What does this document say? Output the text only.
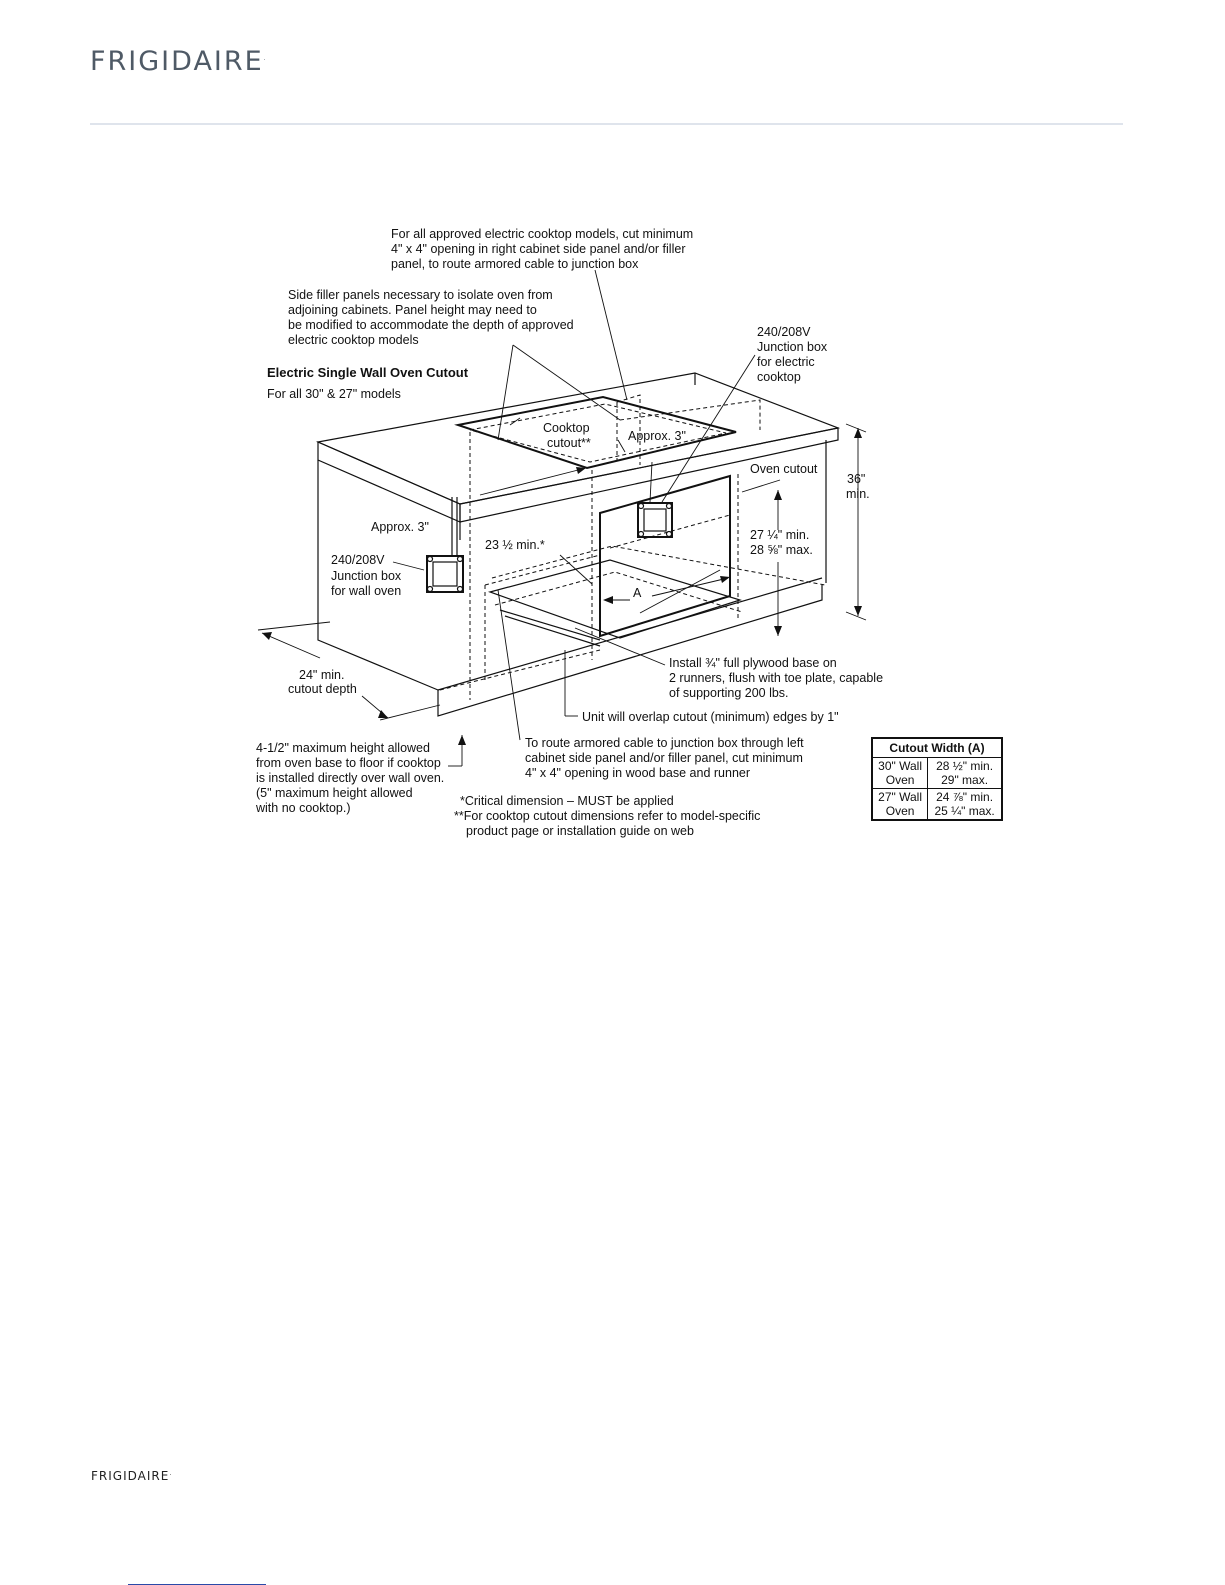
FRIGIDAIRE.
For all approved electric cooktop models, cut minimum
4" x 4" opening in right cabinet side panel and/or filler
panel, to route armored cable to junction box
Side filler panels necessary to isolate oven from
adjoining cabinets. Panel height may need to
be modified to accommodate the depth of approved
electric cooktop models
240/208V
Junction box
for electric
cooktop
Electric Single Wall Oven Cutout
For all 30" & 27" models
Cooktop
cutout**	Approx. 3"
Oven cutout
36"
min.
27 ¼" min.
28 ⅝" max.
Approx. 3"
23 ½ min.*
240/208V
Junction box
for wall oven	A
24" min.
cutout depth
Install ¾" full plywood base on
2 runners, flush with toe plate, capable
of supporting 200 lbs.
Unit will overlap cutout (minimum) edges by 1"
4-1/2" maximum height allowed
from oven base to floor if cooktop
is installed directly over wall oven.
(5" maximum height allowed
with no cooktop.)
To route armored cable to junction box through left
cabinet side panel and/or filler panel, cut minimum
4" x 4" opening in wood base and runner
*Critical dimension – MUST be applied
**For cooktop cutout dimensions refer to model-specific
product page or installation guide on web
Cutout Width (A)	
30" Wall
Oven	28 ½" min.
29" max.
27" Wall
Oven	24 ⅞" min.
25 ¼" max.
FRIGIDAIRE.
